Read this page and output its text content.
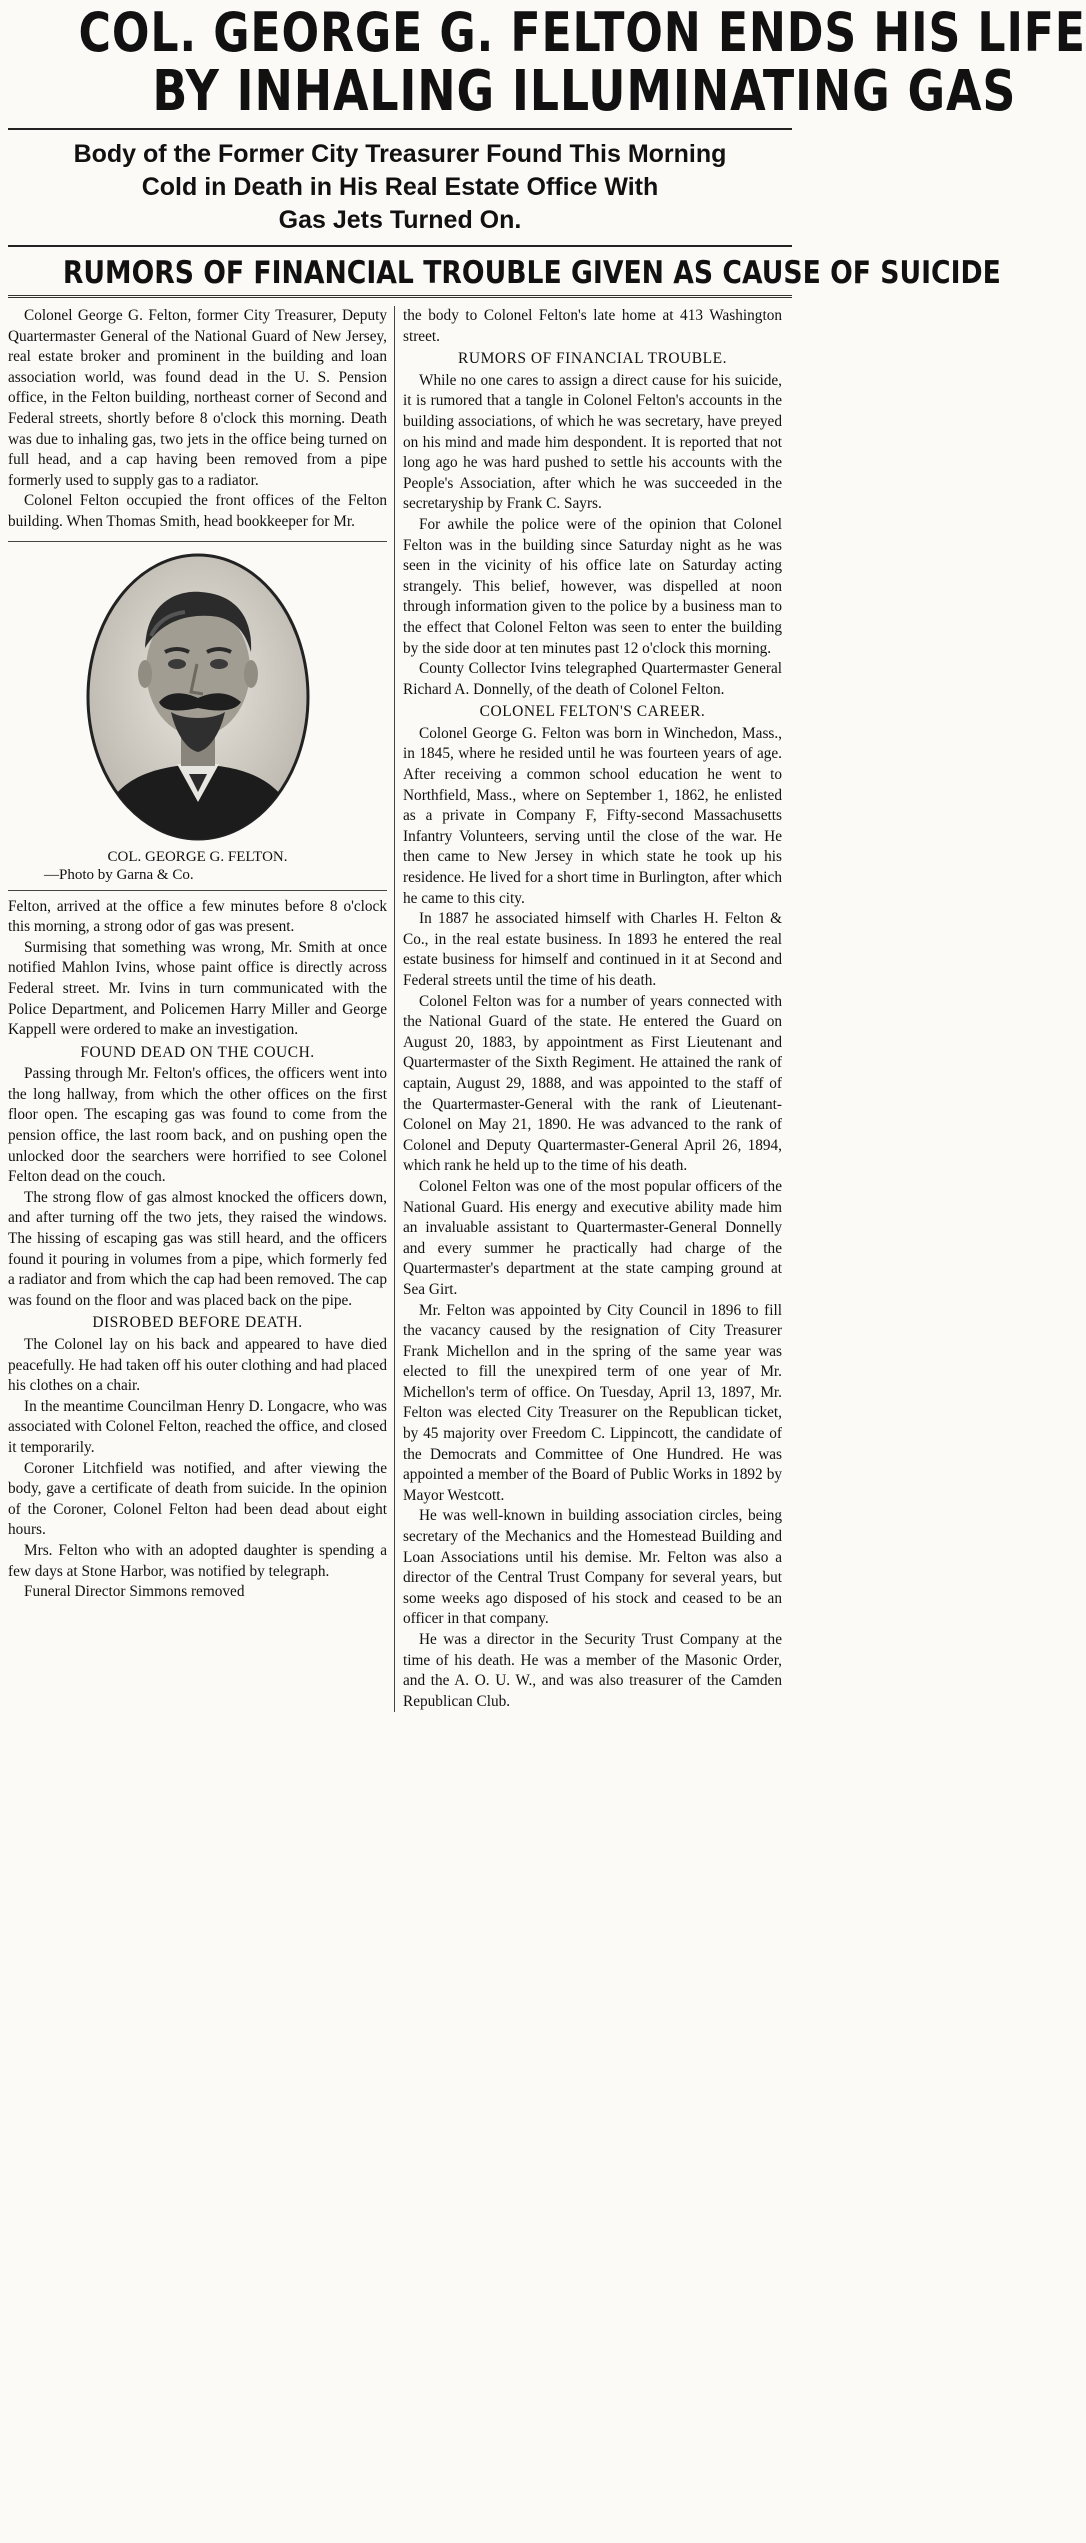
COL. GEORGE G. FELTON ENDS HIS LIFE
BY INHALING ILLUMINATING GAS
Body of the Former City Treasurer Found This Morning
Cold in Death in His Real Estate Office With
Gas Jets Turned On.
RUMORS OF FINANCIAL TROUBLE GIVEN AS CAUSE OF SUICIDE

Colonel George G. Felton, former City Treasurer, Deputy Quartermaster General of the National Guard of New Jersey, real estate broker and prominent in the building and loan association world, was found dead in the U. S. Pension office, in the Felton building, northeast corner of Second and Federal streets, shortly before 8 o'clock this morning. Death was due to inhaling gas, two jets in the office being turned on full head, and a cap having been removed from a pipe formerly used to supply gas to a radiator.

Colonel Felton occupied the front offices of the Felton building. When Thomas Smith, head bookkeeper for Mr.

COL. GEORGE G. FELTON.
—Photo by Garna & Co.

Felton, arrived at the office a few minutes before 8 o'clock this morning, a strong odor of gas was present.

Surmising that something was wrong, Mr. Smith at once notified Mahlon Ivins, whose paint office is directly across Federal street. Mr. Ivins in turn communicated with the Police Department, and Policemen Harry Miller and George Kappell were ordered to make an investigation.

FOUND DEAD ON THE COUCH.

Passing through Mr. Felton's offices, the officers went into the long hallway, from which the other offices on the first floor open. The escaping gas was found to come from the pension office, the last room back, and on pushing open the unlocked door the searchers were horrified to see Colonel Felton dead on the couch.

The strong flow of gas almost knocked the officers down, and after turning off the two jets, they raised the windows. The hissing of escaping gas was still heard, and the officers found it pouring in volumes from a pipe, which formerly fed a radiator and from which the cap had been removed. The cap was found on the floor and was placed back on the pipe.

DISROBED BEFORE DEATH.

The Colonel lay on his back and appeared to have died peacefully. He had taken off his outer clothing and had placed his clothes on a chair.

In the meantime Councilman Henry D. Longacre, who was associated with Colonel Felton, reached the office, and closed it temporarily.

Coroner Litchfield was notified, and after viewing the body, gave a certificate of death from suicide. In the opinion of the Coroner, Colonel Felton had been dead about eight hours.

Mrs. Felton who with an adopted daughter is spending a few days at Stone Harbor, was notified by telegraph.

Funeral Director Simmons removed

the body to Colonel Felton's late home at 413 Washington street.

RUMORS OF FINANCIAL TROUBLE.

While no one cares to assign a direct cause for his suicide, it is rumored that a tangle in Colonel Felton's accounts in the building associations, of which he was secretary, have preyed on his mind and made him despondent. It is reported that not long ago he was hard pushed to settle his accounts with the People's Association, after which he was succeeded in the secretaryship by Frank C. Sayrs.

For awhile the police were of the opinion that Colonel Felton was in the building since Saturday night as he was seen in the vicinity of his office late on Saturday acting strangely. This belief, however, was dispelled at noon through information given to the police by a business man to the effect that Colonel Felton was seen to enter the building by the side door at ten minutes past 12 o'clock this morning.

County Collector Ivins telegraphed Quartermaster General Richard A. Donnelly, of the death of Colonel Felton.

COLONEL FELTON'S CAREER.

Colonel George G. Felton was born in Winchedon, Mass., in 1845, where he resided until he was fourteen years of age. After receiving a common school education he went to Northfield, Mass., where on September 1, 1862, he enlisted as a private in Company F, Fifty-second Massachusetts Infantry Volunteers, serving until the close of the war. He then came to New Jersey in which state he took up his residence. He lived for a short time in Burlington, after which he came to this city.

In 1887 he associated himself with Charles H. Felton & Co., in the real estate business. In 1893 he entered the real estate business for himself and continued in it at Second and Federal streets until the time of his death.

Colonel Felton was for a number of years connected with the National Guard of the state. He entered the Guard on August 20, 1883, by appointment as First Lieutenant and Quartermaster of the Sixth Regiment. He attained the rank of captain, August 29, 1888, and was appointed to the staff of the Quartermaster-General with the rank of Lieutenant-Colonel on May 21, 1890. He was advanced to the rank of Colonel and Deputy Quartermaster-General April 26, 1894, which rank he held up to the time of his death.

Colonel Felton was one of the most popular officers of the National Guard. His energy and executive ability made him an invaluable assistant to Quartermaster-General Donnelly and every summer he practically had charge of the Quartermaster's department at the state camping ground at Sea Girt.

Mr. Felton was appointed by City Council in 1896 to fill the vacancy caused by the resignation of City Treasurer Frank Michellon and in the spring of the same year was elected to fill the unexpired term of one year of Mr. Michellon's term of office. On Tuesday, April 13, 1897, Mr. Felton was elected City Treasurer on the Republican ticket, by 45 majority over Freedom C. Lippincott, the candidate of the Democrats and Committee of One Hundred. He was appointed a member of the Board of Public Works in 1892 by Mayor Westcott.

He was well-known in building association circles, being secretary of the Mechanics and the Homestead Building and Loan Associations until his demise. Mr. Felton was also a director of the Central Trust Company for several years, but some weeks ago disposed of his stock and ceased to be an officer in that company.

He was a director in the Security Trust Company at the time of his death. He was a member of the Masonic Order, and the A. O. U. W., and was also treasurer of the Camden Republican Club.
